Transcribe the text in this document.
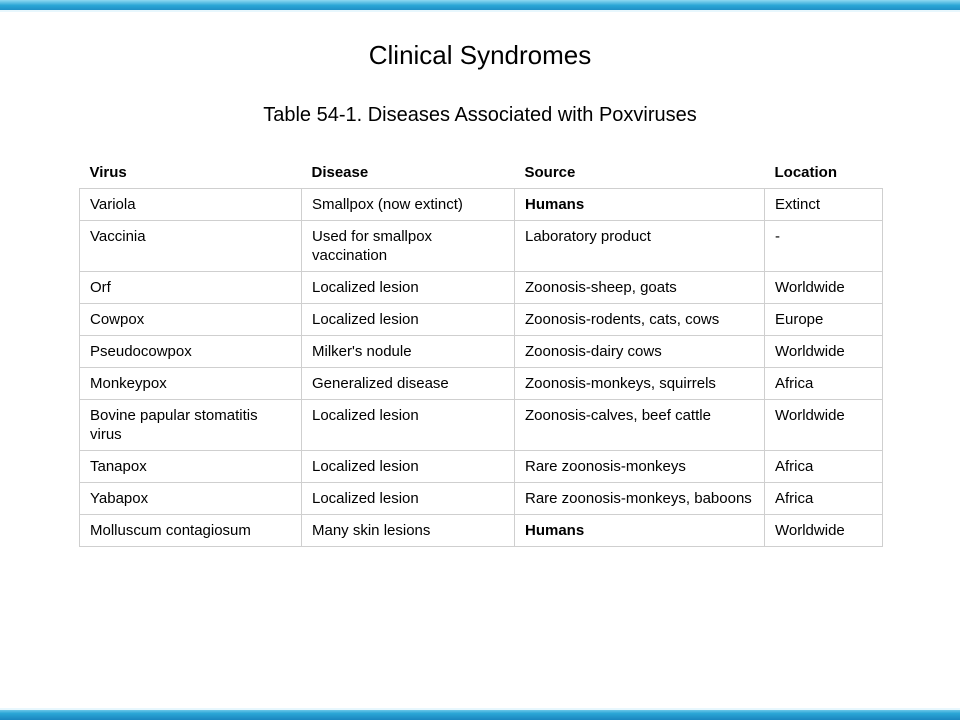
Clinical Syndromes
Table 54-1. Diseases Associated with Poxviruses
Virus	Disease	Source	Location
Variola	Smallpox (now extinct)	Humans	Extinct
Vaccinia	Used for smallpox vaccination	Laboratory product	-
Orf	Localized lesion	Zoonosis-sheep, goats	Worldwide
Cowpox	Localized lesion	Zoonosis-rodents, cats, cows	Europe
Pseudocowpox	Milker's nodule	Zoonosis-dairy cows	Worldwide
Monkeypox	Generalized disease	Zoonosis-monkeys, squirrels	Africa
Bovine papular stomatitis virus	Localized lesion	Zoonosis-calves, beef cattle	Worldwide
Tanapox	Localized lesion	Rare zoonosis-monkeys	Africa
Yabapox	Localized lesion	Rare zoonosis-monkeys, baboons	Africa
Molluscum contagiosum	Many skin lesions	Humans	Worldwide
